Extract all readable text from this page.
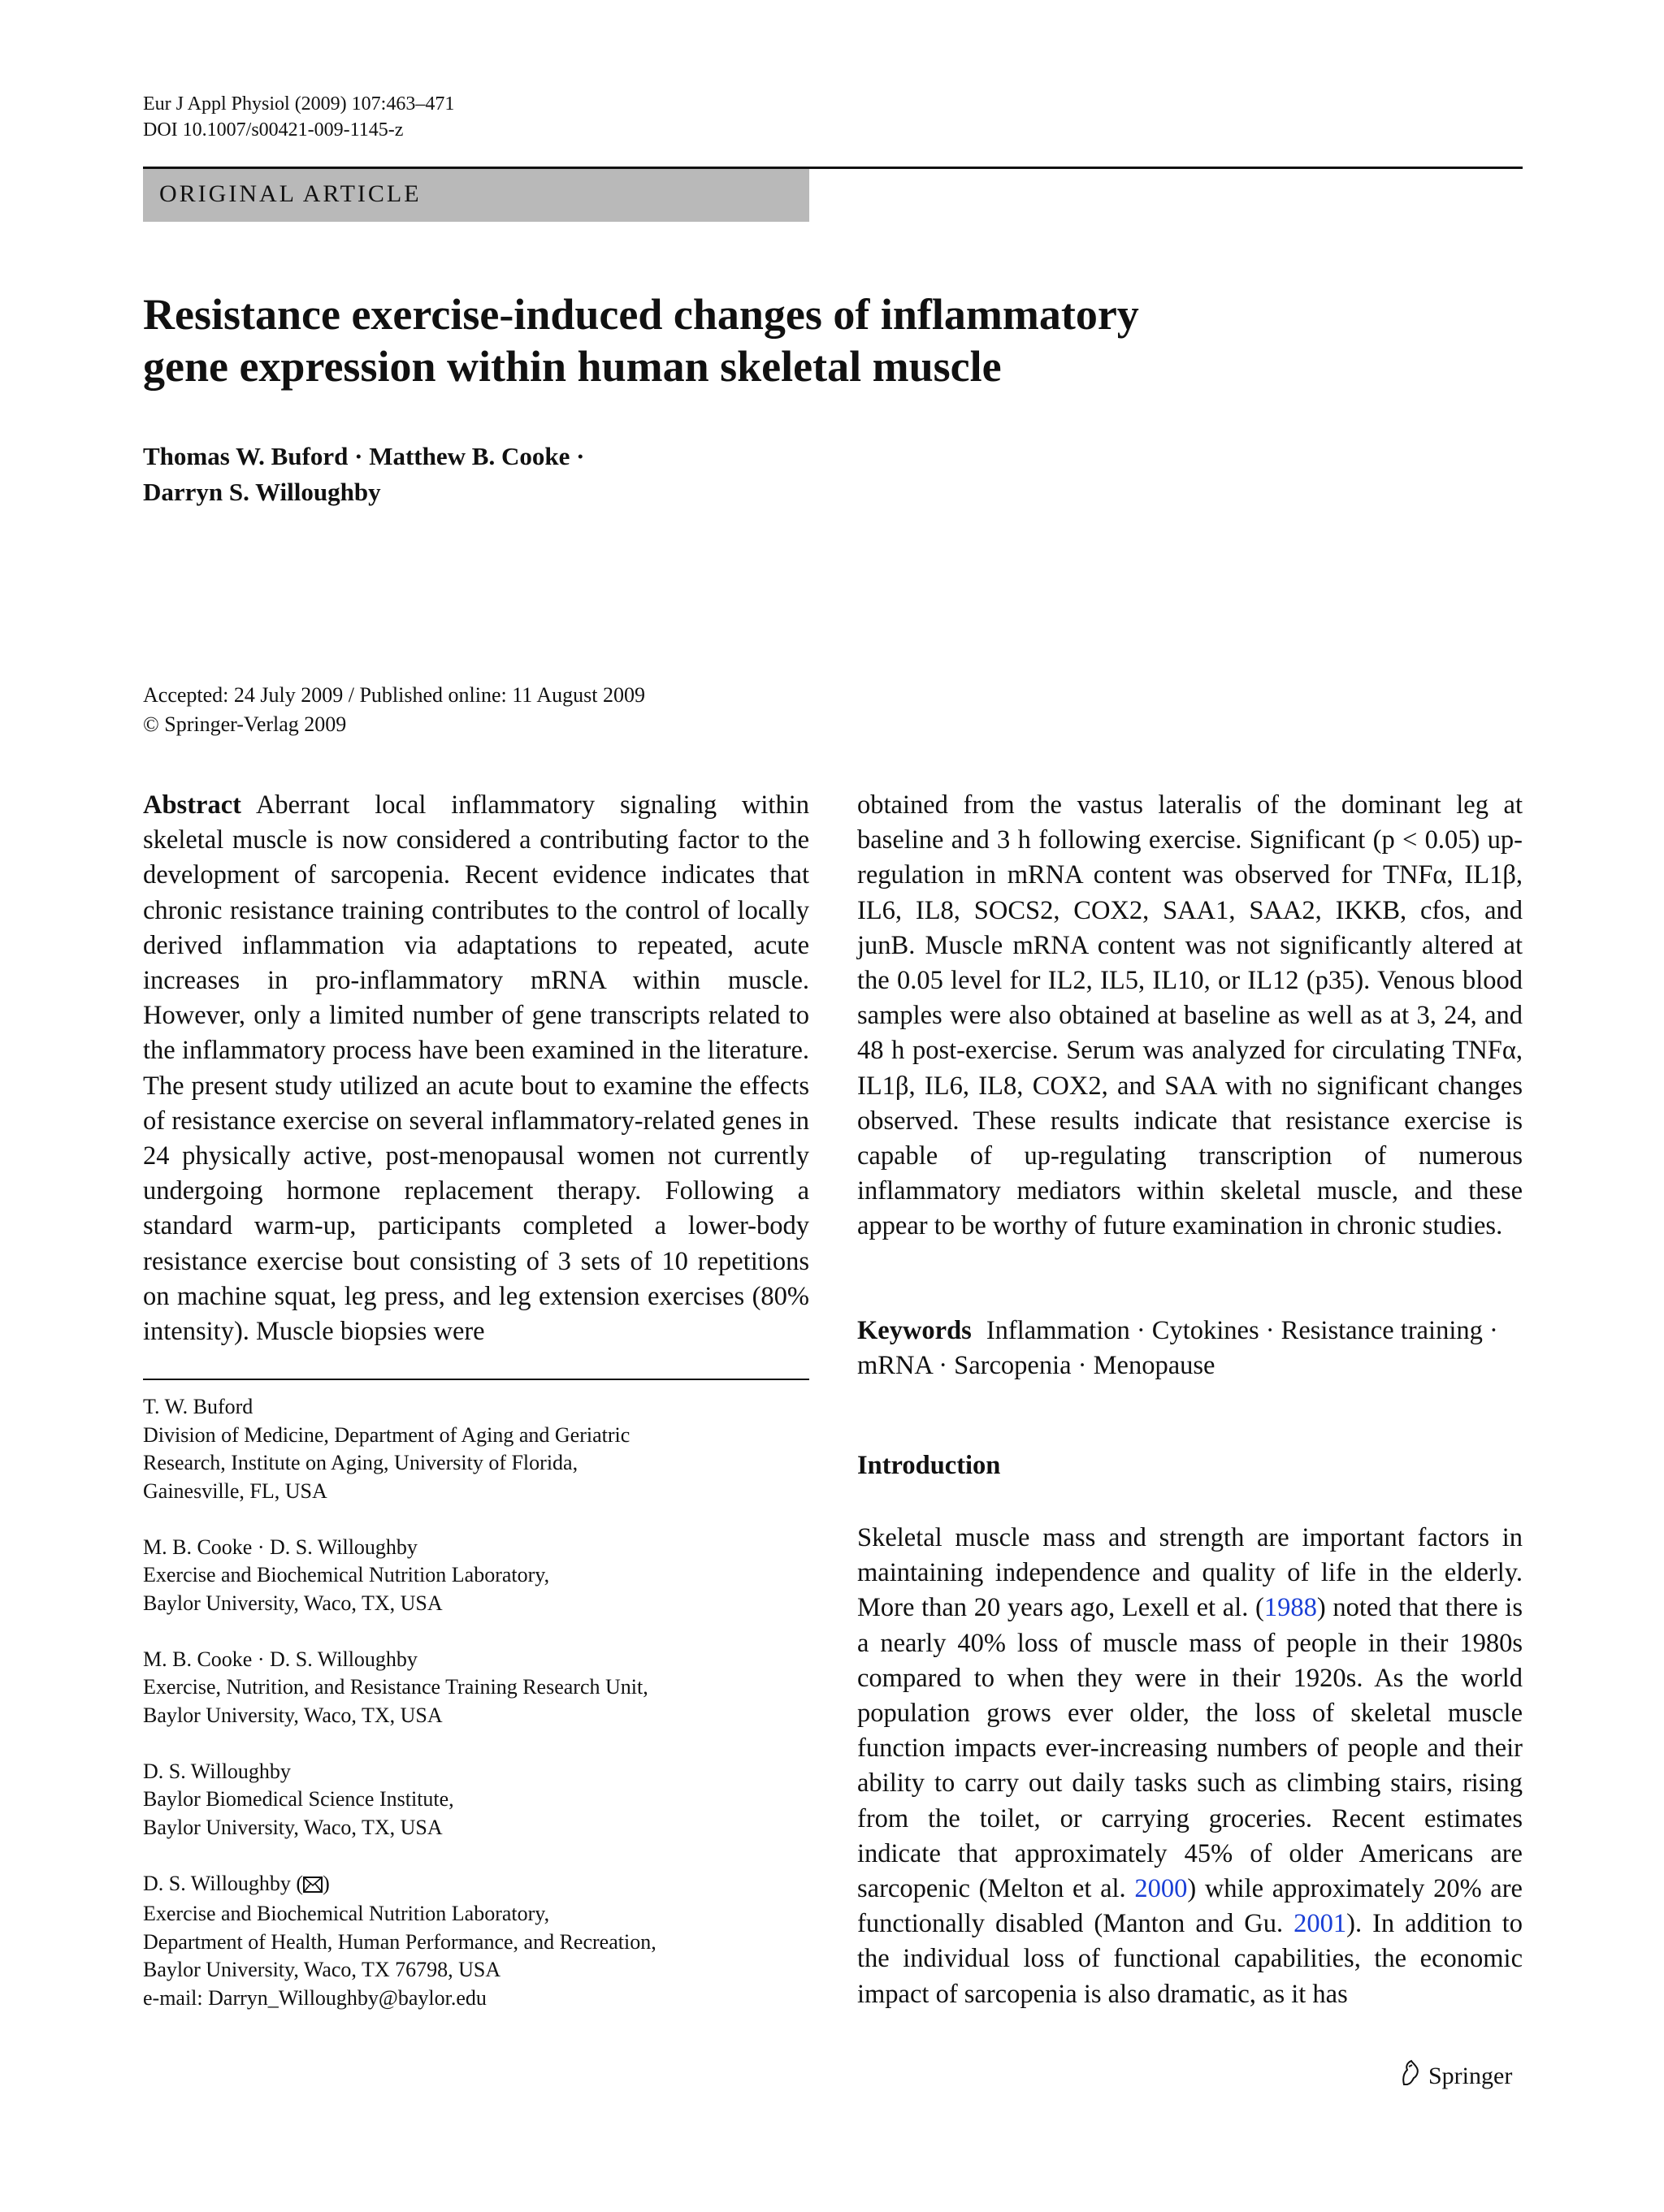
Eur J Appl Physiol (2009) 107:463–471
DOI 10.1007/s00421-009-1145-z
ORIGINAL ARTICLE
Resistance exercise-induced changes of inflammatory
gene expression within human skeletal muscle
Thomas W. Buford · Matthew B. Cooke ·
Darryn S. Willoughby
Accepted: 24 July 2009 / Published online: 11 August 2009
© Springer-Verlag 2009

Abstract Aberrant local inflammatory signaling within skeletal muscle is now considered a contributing factor to the development of sarcopenia. Recent evidence indicates that chronic resistance training contributes to the control of locally derived inflammation via adaptations to repeated, acute increases in pro-inflammatory mRNA within muscle. However, only a limited number of gene transcripts related to the inflammatory process have been examined in the literature. The present study utilized an acute bout to examine the effects of resistance exercise on several inflammatory-related genes in 24 physically active, post-menopausal women not currently undergoing hormone replacement therapy. Following a standard warm-up, participants completed a lower-body resistance exercise bout consisting of 3 sets of 10 repetitions on machine squat, leg press, and leg extension exercises (80% intensity). Muscle biopsies were

obtained from the vastus lateralis of the dominant leg at baseline and 3 h following exercise. Significant (p < 0.05) up-regulation in mRNA content was observed for TNFα, IL1β, IL6, IL8, SOCS2, COX2, SAA1, SAA2, IKKB, cfos, and junB. Muscle mRNA content was not significantly altered at the 0.05 level for IL2, IL5, IL10, or IL12 (p35). Venous blood samples were also obtained at baseline as well as at 3, 24, and 48 h post-exercise. Serum was analyzed for circulating TNFα, IL1β, IL6, IL8, COX2, and SAA with no significant changes observed. These results indicate that resistance exercise is capable of up-regulating transcription of numerous inflammatory mediators within skeletal muscle, and these appear to be worthy of future examination in chronic studies.

Keywords Inflammation · Cytokines · Resistance training · mRNA · Sarcopenia · Menopause
T. W. Buford
Division of Medicine, Department of Aging and Geriatric
Research, Institute on Aging, University of Florida,
Gainesville, FL, USA
M. B. Cooke · D. S. Willoughby
Exercise and Biochemical Nutrition Laboratory,
Baylor University, Waco, TX, USA
M. B. Cooke · D. S. Willoughby
Exercise, Nutrition, and Resistance Training Research Unit,
Baylor University, Waco, TX, USA
D. S. Willoughby
Baylor Biomedical Science Institute,
Baylor University, Waco, TX, USA
D. S. Willoughby ( )
Exercise and Biochemical Nutrition Laboratory,
Department of Health, Human Performance, and Recreation,
Baylor University, Waco, TX 76798, USA
e-mail: Darryn_Willoughby@baylor.edu
Introduction

Skeletal muscle mass and strength are important factors in maintaining independence and quality of life in the elderly. More than 20 years ago, Lexell et al. (1988) noted that there is a nearly 40% loss of muscle mass of people in their 1980s compared to when they were in their 1920s. As the world population grows ever older, the loss of skeletal muscle function impacts ever-increasing numbers of people and their ability to carry out daily tasks such as climbing stairs, rising from the toilet, or carrying groceries. Recent estimates indicate that approximately 45% of older Americans are sarcopenic (Melton et al. 2000) while approximately 20% are functionally disabled (Manton and Gu. 2001). In addition to the individual loss of functional capabilities, the economic impact of sarcopenia is also dramatic, as it has

Springer
